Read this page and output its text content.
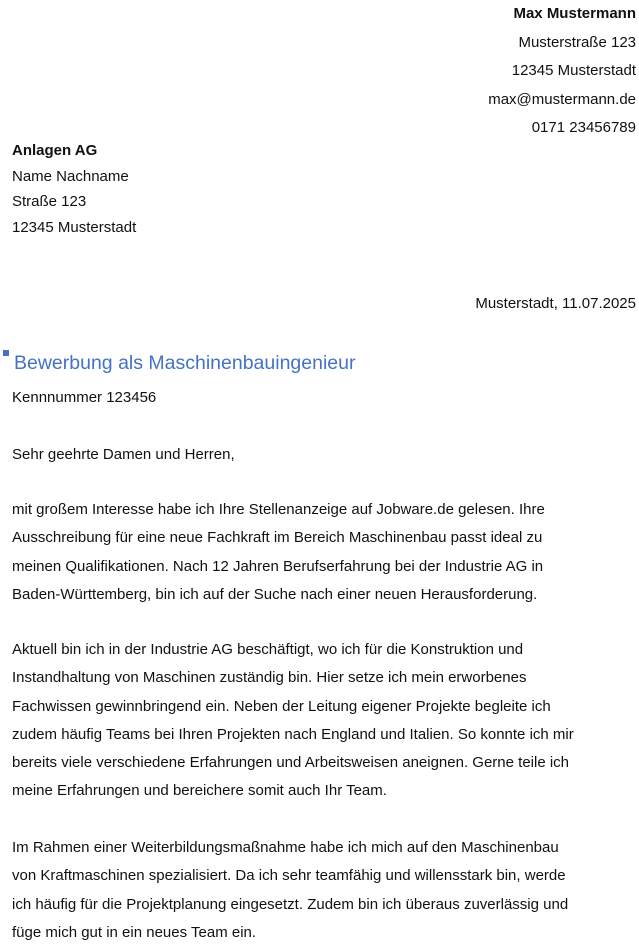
Max Mustermann
Musterstraße 123
12345 Musterstadt
max@mustermann.de
0171 23456789
Anlagen AG
Name Nachname
Straße 123
12345 Musterstadt
Musterstadt, 11.07.2025
Bewerbung als Maschinenbauingenieur
Kennnummer 123456
Sehr geehrte Damen und Herren,
mit großem Interesse habe ich Ihre Stellenanzeige auf Jobware.de gelesen. Ihre
Ausschreibung für eine neue Fachkraft im Bereich Maschinenbau passt ideal zu
meinen Qualifikationen. Nach 12 Jahren Berufserfahrung bei der Industrie AG in
Baden-Württemberg, bin ich auf der Suche nach einer neuen Herausforderung.
Aktuell bin ich in der Industrie AG beschäftigt, wo ich für die Konstruktion und
Instandhaltung von Maschinen zuständig bin. Hier setze ich mein erworbenes
Fachwissen gewinnbringend ein. Neben der Leitung eigener Projekte begleite ich
zudem häufig Teams bei Ihren Projekten nach England und Italien. So konnte ich mir
bereits viele verschiedene Erfahrungen und Arbeitsweisen aneignen. Gerne teile ich
meine Erfahrungen und bereichere somit auch Ihr Team.
Im Rahmen einer Weiterbildungsmaßnahme habe ich mich auf den Maschinenbau
von Kraftmaschinen spezialisiert. Da ich sehr teamfähig und willensstark bin, werde
ich häufig für die Projektplanung eingesetzt. Zudem bin ich überaus zuverlässig und
füge mich gut in ein neues Team ein.
